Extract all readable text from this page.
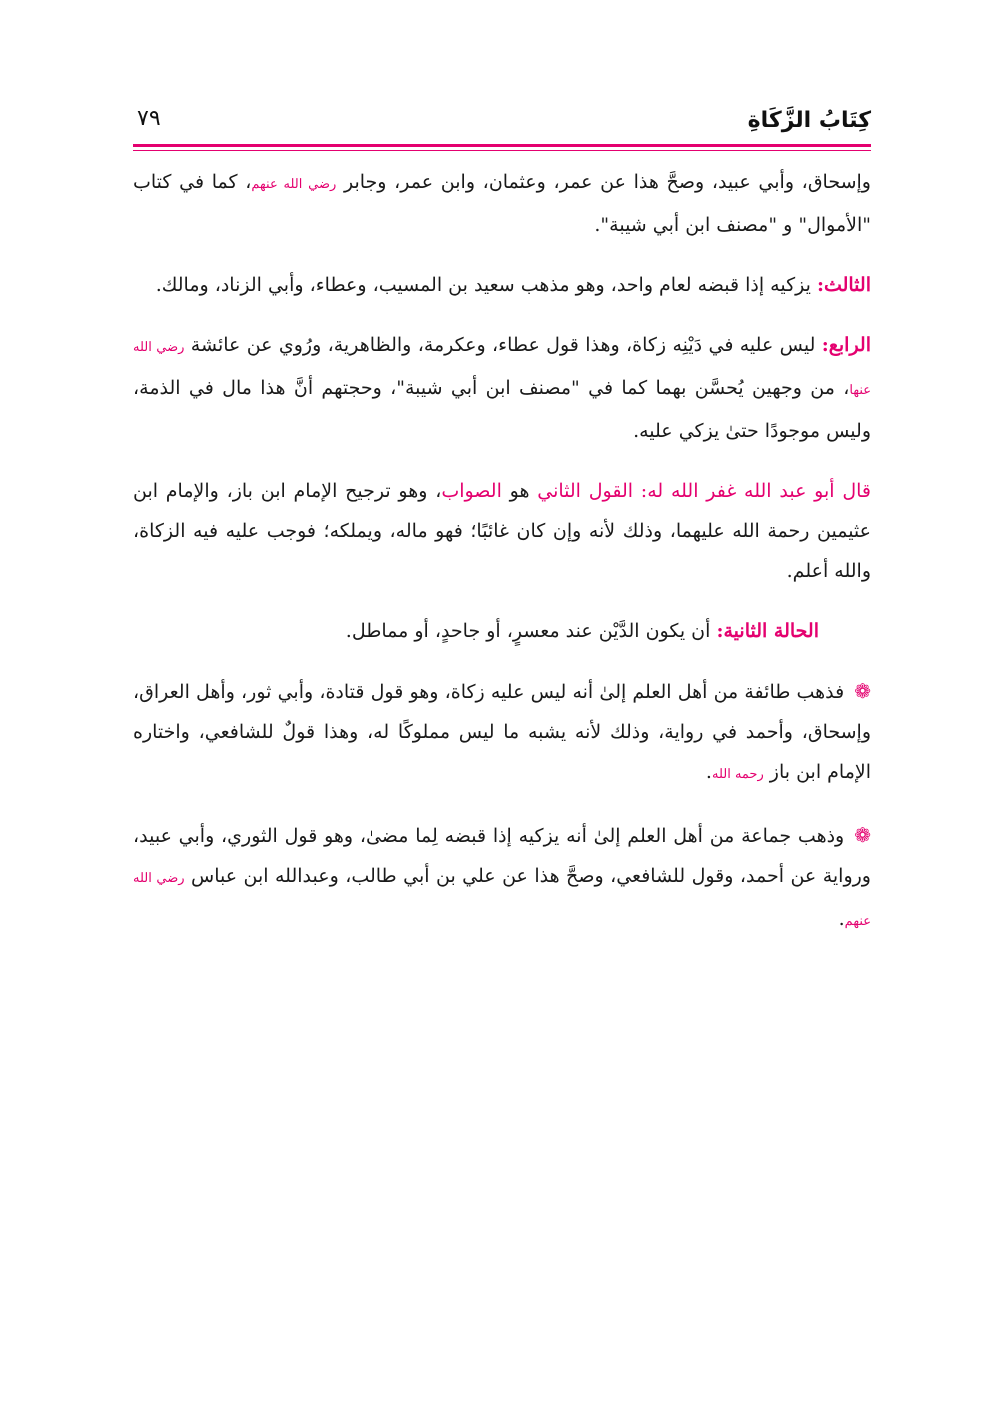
كِتَابُ الزَّكَاةِ
٧٩

وإسحاق، وأبي عبيد، وصحَّ هذا عن عمر، وعثمان، وابن عمر، وجابر رضي الله عنهم، كما في كتاب "الأموال" و "مصنف ابن أبي شيبة".

الثالث: يزكيه إذا قبضه لعام واحد، وهو مذهب سعيد بن المسيب، وعطاء، وأبي الزناد، ومالك.

الرابع: ليس عليه في دَيْنِه زكاة، وهذا قول عطاء، وعكرمة، والظاهرية، ورُوي عن عائشة رضي الله عنها، من وجهين يُحسَّن بهما كما في "مصنف ابن أبي شيبة"، وحجتهم أنَّ هذا مال في الذمة، وليس موجودًا حتىٰ يزكي عليه.

قال أبو عبد الله غفر الله له: القول الثاني هو الصواب، وهو ترجيح الإمام ابن باز، والإمام ابن عثيمين رحمة الله عليهما، وذلك لأنه وإن كان غائبًا؛ فهو ماله، ويملكه؛ فوجب عليه فيه الزكاة، والله أعلم.

الحالة الثانية: أن يكون الدَّيْن عند معسرٍ، أو جاحدٍ، أو مماطل.

❁فذهب طائفة من أهل العلم إلىٰ أنه ليس عليه زكاة، وهو قول قتادة، وأبي ثور، وأهل العراق، وإسحاق، وأحمد في رواية، وذلك لأنه يشبه ما ليس مملوكًا له، وهذا قولٌ للشافعي، واختاره الإمام ابن باز رحمه الله.

❁وذهب جماعة من أهل العلم إلىٰ أنه يزكيه إذا قبضه لِما مضىٰ، وهو قول الثوري، وأبي عبيد، ورواية عن أحمد، وقول للشافعي، وصحَّ هذا عن علي بن أبي طالب، وعبدالله ابن عباس رضي الله عنهم.
